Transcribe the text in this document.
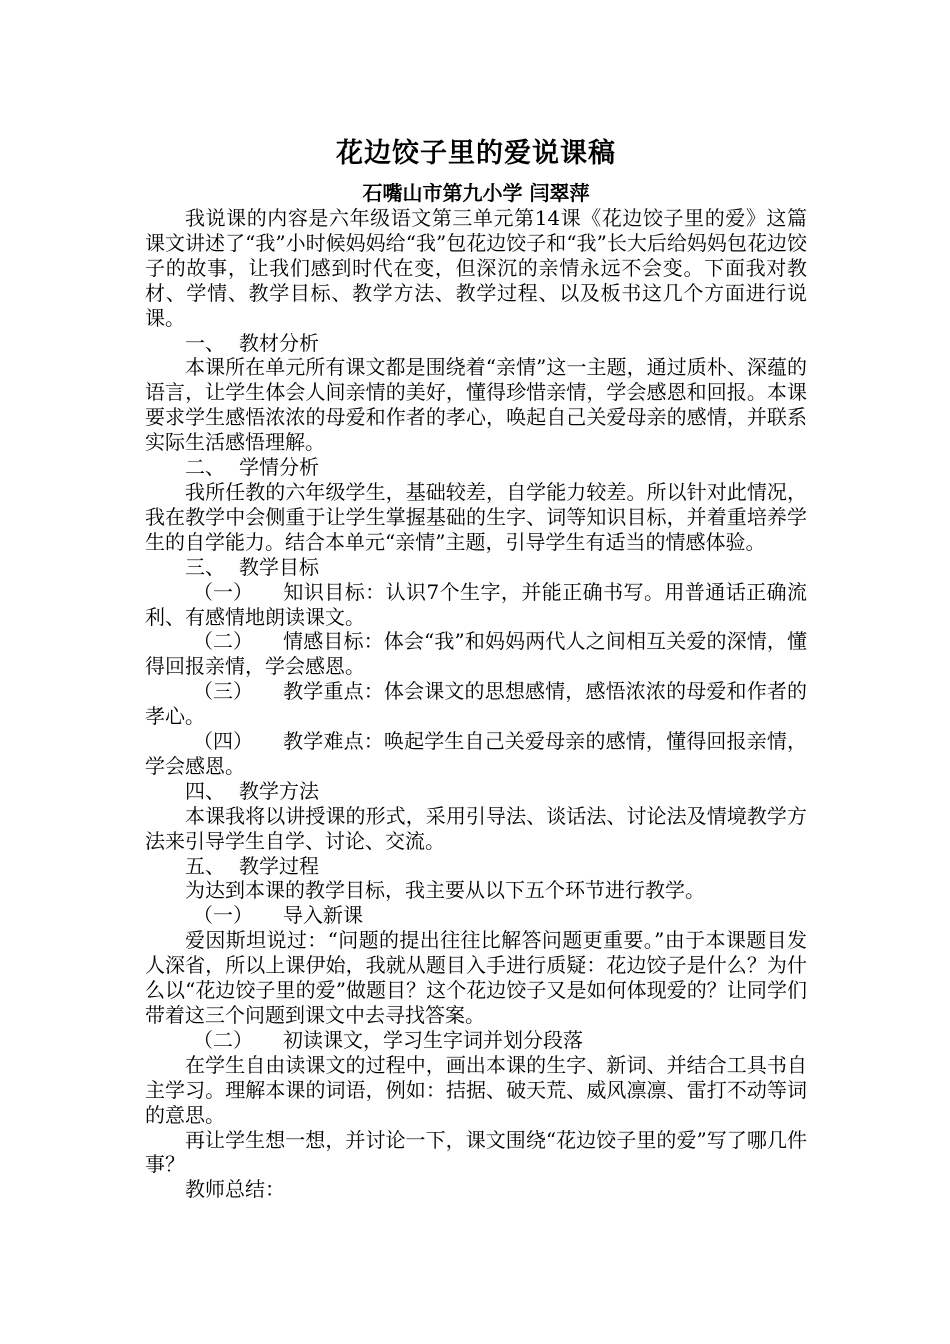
花边饺子里的爱说课稿
石嘴山市第九小学 闫翠萍

我说课的内容是六年级语文第三单元第14课《花边饺子里的爱》这篇课文讲述了“我”小时候妈妈给“我”包花边饺子和“我”长大后给妈妈包花边饺子的故事，让我们感到时代在变，但深沉的亲情永远不会变。下面我对教材、学情、教学目标、教学方法、教学过程、以及板书这几个方面进行说课。

一、 教材分析

本课所在单元所有课文都是围绕着“亲情”这一主题，通过质朴、深蕴的语言，让学生体会人间亲情的美好，懂得珍惜亲情，学会感恩和回报。本课要求学生感悟浓浓的母爱和作者的孝心，唤起自己关爱母亲的感情，并联系实际生活感悟理解。

二、 学情分析

我所任教的六年级学生，基础较差，自学能力较差。所以针对此情况，我在教学中会侧重于让学生掌握基础的生字、词等知识目标，并着重培养学生的自学能力。结合本单元“亲情”主题，引导学生有适当的情感体验。

三、 教学目标

（一） 知识目标：认识7个生字，并能正确书写。用普通话正确流利、有感情地朗读课文。

（二） 情感目标：体会“我”和妈妈两代人之间相互关爱的深情，懂得回报亲情，学会感恩。

（三） 教学重点：体会课文的思想感情，感悟浓浓的母爱和作者的孝心。

（四） 教学难点：唤起学生自己关爱母亲的感情，懂得回报亲情，学会感恩。

四、 教学方法

本课我将以讲授课的形式，采用引导法、谈话法、讨论法及情境教学方法来引导学生自学、讨论、交流。

五、 教学过程

为达到本课的教学目标，我主要从以下五个环节进行教学。

（一） 导入新课

爱因斯坦说过：“问题的提出往往比解答问题更重要。”由于本课题目发人深省，所以上课伊始，我就从题目入手进行质疑：花边饺子是什么？为什么以“花边饺子里的爱”做题目？这个花边饺子又是如何体现爱的？让同学们带着这三个问题到课文中去寻找答案。

（二） 初读课文，学习生字词并划分段落

在学生自由读课文的过程中，画出本课的生字、新词、并结合工具书自主学习。理解本课的词语，例如：拮据、破天荒、威风凛凛、雷打不动等词的意思。

再让学生想一想，并讨论一下，课文围绕“花边饺子里的爱”写了哪几件事？

教师总结：
